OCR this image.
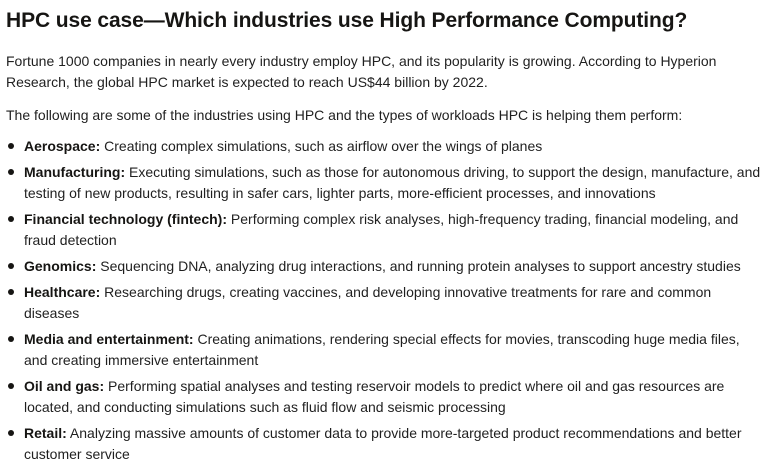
HPC use case—Which industries use High Performance Computing?

Fortune 1000 companies in nearly every industry employ HPC, and its popularity is growing. According to Hyperion Research, the global HPC market is expected to reach US$44 billion by 2022.

The following are some of the industries using HPC and the types of workloads HPC is helping them perform:

Aerospace: Creating complex simulations, such as airflow over the wings of planes
Manufacturing: Executing simulations, such as those for autonomous driving, to support the design, manufacture, and testing of new products, resulting in safer cars, lighter parts, more-efficient processes, and innovations
Financial technology (fintech): Performing complex risk analyses, high-frequency trading, financial modeling, and fraud detection
Genomics: Sequencing DNA, analyzing drug interactions, and running protein analyses to support ancestry studies
Healthcare: Researching drugs, creating vaccines, and developing innovative treatments for rare and common diseases
Media and entertainment: Creating animations, rendering special effects for movies, transcoding huge media files, and creating immersive entertainment
Oil and gas: Performing spatial analyses and testing reservoir models to predict where oil and gas resources are located, and conducting simulations such as fluid flow and seismic processing
Retail: Analyzing massive amounts of customer data to provide more-targeted product recommendations and better customer service
